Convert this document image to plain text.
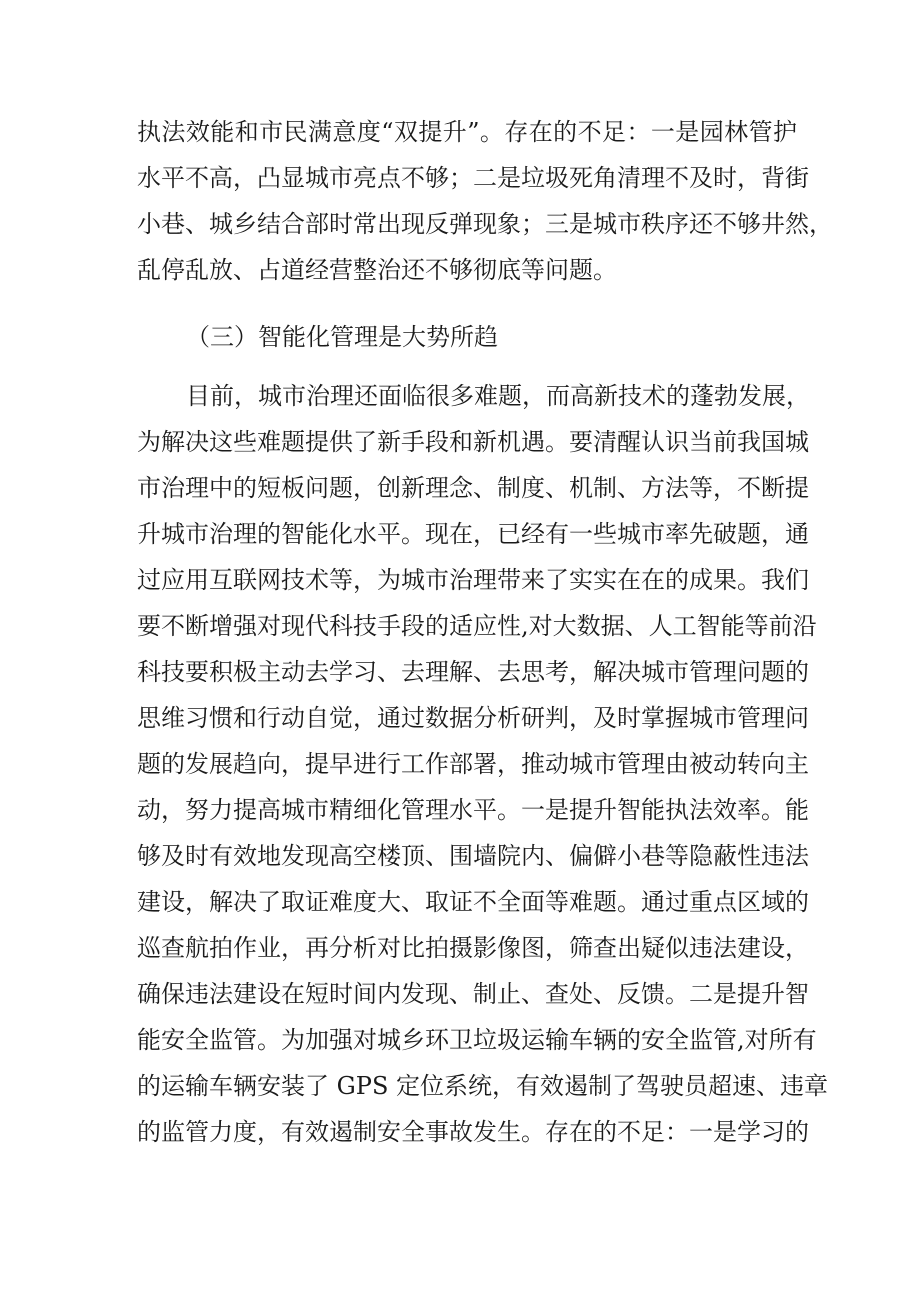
执法效能和市民满意度“双提升”。存在的不足：一是园林管护
水平不高，凸显城市亮点不够；二是垃圾死角清理不及时，背街
小巷、城乡结合部时常出现反弹现象；三是城市秩序还不够井然，
乱停乱放、占道经营整治还不够彻底等问题。
（三）智能化管理是大势所趋
目前，城市治理还面临很多难题，而高新技术的蓬勃发展，
为解决这些难题提供了新手段和新机遇。要清醒认识当前我国城
市治理中的短板问题，创新理念、制度、机制、方法等，不断提
升城市治理的智能化水平。现在，已经有一些城市率先破题，通
过应用互联网技术等，为城市治理带来了实实在在的成果。我们
要不断增强对现代科技手段的适应性,对大数据、人工智能等前沿
科技要积极主动去学习、去理解、去思考，解决城市管理问题的
思维习惯和行动自觉，通过数据分析研判，及时掌握城市管理问
题的发展趋向，提早进行工作部署，推动城市管理由被动转向主
动，努力提高城市精细化管理水平。一是提升智能执法效率。能
够及时有效地发现高空楼顶、围墙院内、偏僻小巷等隐蔽性违法
建设，解决了取证难度大、取证不全面等难题。通过重点区域的
巡查航拍作业，再分析对比拍摄影像图，筛查出疑似违法建设，
确保违法建设在短时间内发现、制止、查处、反馈。二是提升智
能安全监管。为加强对城乡环卫垃圾运输车辆的安全监管,对所有
的运输车辆安装了 GPS 定位系统，有效遏制了驾驶员超速、违章
的监管力度，有效遏制安全事故发生。存在的不足：一是学习的
